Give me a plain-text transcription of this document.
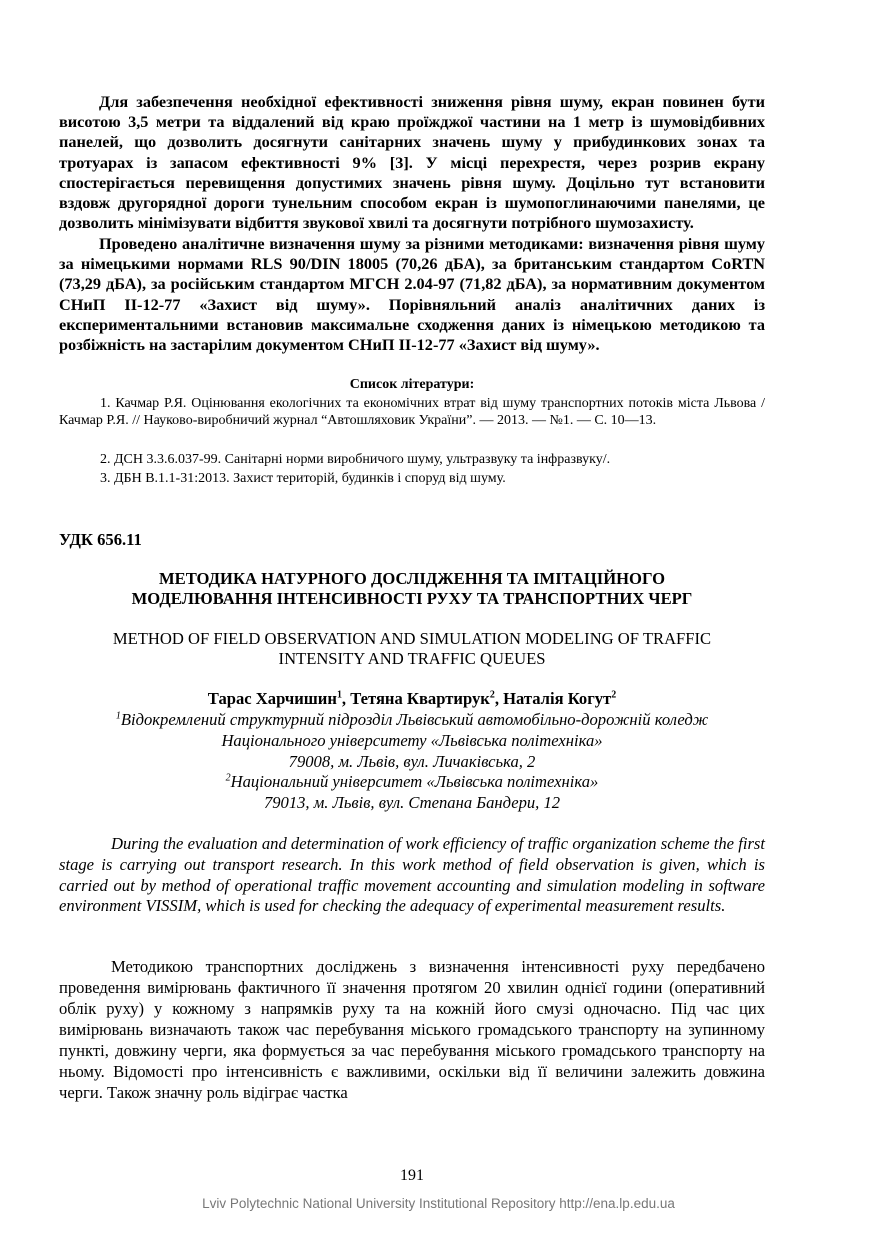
Для забезпечення необхідної ефективності зниження рівня шуму, екран повинен бути висотою 3,5 метри та віддалений від краю проїжджої частини на 1 метр із шумовідбивних панелей, що дозволить досягнути санітарних значень шуму у прибудинкових зонах та тротуарах із запасом ефективності 9% [3]. У місці перехрестя, через розрив екрану спостерігається перевищення допустимих значень рівня шуму. Доцільно тут встановити вздовж другорядної дороги тунельним способом екран із шумопоглинаючими панелями, це дозволить мінімізувати відбиття звукової хвилі та досягнути потрібного шумозахисту.
Проведено аналітичне визначення шуму за різними методиками: визначення рівня шуму за німецькими нормами RLS 90/DIN 18005 (70,26 дБА), за британським стандартом CoRTN (73,29 дБА), за російським стандартом МГСН 2.04-97 (71,82 дБА), за нормативним документом СНиП ІІ-12-77 «Захист від шуму». Порівняльний аналіз аналітичних даних із експериментальними встановив максимальне сходження даних із німецькою методикою та розбіжність на застарілим документом СНиП ІІ-12-77 «Захист від шуму».
Список літератури:
1. Качмар Р.Я. Оцінювання екологічних та економічних втрат від шуму транспортних потоків міста Львова / Качмар Р.Я. // Науково-виробничий журнал “Автошляховик України”. — 2013. — №1. — С. 10—13.
2. ДСН 3.3.6.037-99. Санітарні норми виробничого шуму, ультразвуку та інфразвуку/.
3. ДБН В.1.1-31:2013. Захист територій, будинків і споруд від шуму.
УДК 656.11
МЕТОДИКА НАТУРНОГО ДОСЛІДЖЕННЯ ТА ІМІТАЦІЙНОГО
МОДЕЛЮВАННЯ ІНТЕНСИВНОСТІ РУХУ ТА ТРАНСПОРТНИХ ЧЕРГ
METHOD OF FIELD OBSERVATION AND SIMULATION MODELING OF TRAFFIC
INTENSITY AND TRAFFIC QUEUES
Тарас Харчишин$^1$, Тетяна Квартирук$^2$, Наталія Когут$^2$
$^1$Відокремлений структурний підрозділ Львівський автомобільно-дорожній коледж
Національного університету «Львівська політехніка»
79008, м. Львів, вул. Личаківська, 2
$^2$Національний університет «Львівська політехніка»
79013, м. Львів, вул. Степана Бандери, 12
During the evaluation and determination of work efficiency of traffic organization scheme the first stage is carrying out transport research. In this work method of field observation is given, which is carried out by method of operational traffic movement accounting and simulation modeling in software environment VISSIM, which is used for checking the adequacy of experimental measurement results.
Методикою транспортних досліджень з визначення інтенсивності руху передбачено проведення вимірювань фактичного її значення протягом 20 хвилин однієї години (оперативний облік руху) у кожному з напрямків руху та на кожній його смузі одночасно. Під час цих вимірювань визначають також час перебування міського громадського транспорту на зупинному пункті, довжину черги, яка формується за час перебування міського громадського транспорту на ньому. Відомості про інтенсивність є важливими, оскільки від її величини залежить довжина черги. Також значну роль відіграє частка
191
Lviv Polytechnic National University Institutional Repository http://ena.lp.edu.ua
